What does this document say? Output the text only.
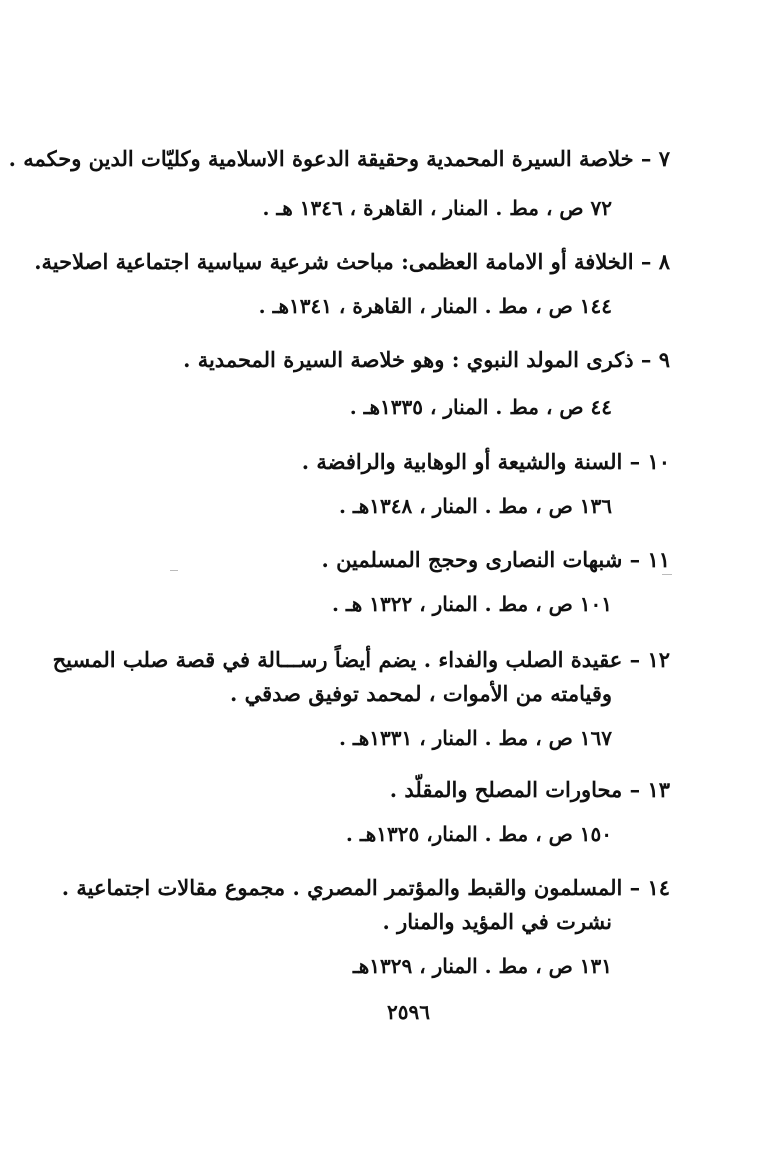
٧ – خلاصة السيرة المحمدية وحقيقة الدعوة الاسلامية وكليّات الدين وحكمه .
٧٢ ص ، مط . المنار ، القاهرة ، ١٣٤٦ هـ .
٨ – الخلافة أو الامامة العظمى: مباحث شرعية سياسية اجتماعية اصلاحية.
١٤٤ ص ، مط . المنار ، القاهرة ، ١٣٤١هـ .
٩ – ذكرى المولد النبوي : وهو خلاصة السيرة المحمدية .
٤٤ ص ، مط . المنار ، ١٣٣٥هـ .
١٠ – السنة والشيعة أو الوهابية والرافضة .
١٣٦ ص ، مط . المنار ، ١٣٤٨هـ .
١١ – شبهات النصارى وحجج المسلمين .
١٠١ ص ، مط . المنار ، ١٣٢٢ هـ .
١٢ – عقيدة الصلب والفداء . يضم أيضاً رســـالة في قصة صلب المسيح
وقيامته من الأموات ، لمحمد توفيق صدقي .
١٦٧ ص ، مط . المنار ، ١٣٣١هـ .
١٣ – محاورات المصلح والمقلّد .
١٥٠ ص ، مط . المنار، ١٣٢٥هـ .
١٤ – المسلمون والقبط والمؤتمر المصري . مجموع مقالات اجتماعية .
نشرت في المؤيد والمنار .
١٣١ ص ، مط . المنار ، ١٣٢٩هـ
٢٥٩٦
